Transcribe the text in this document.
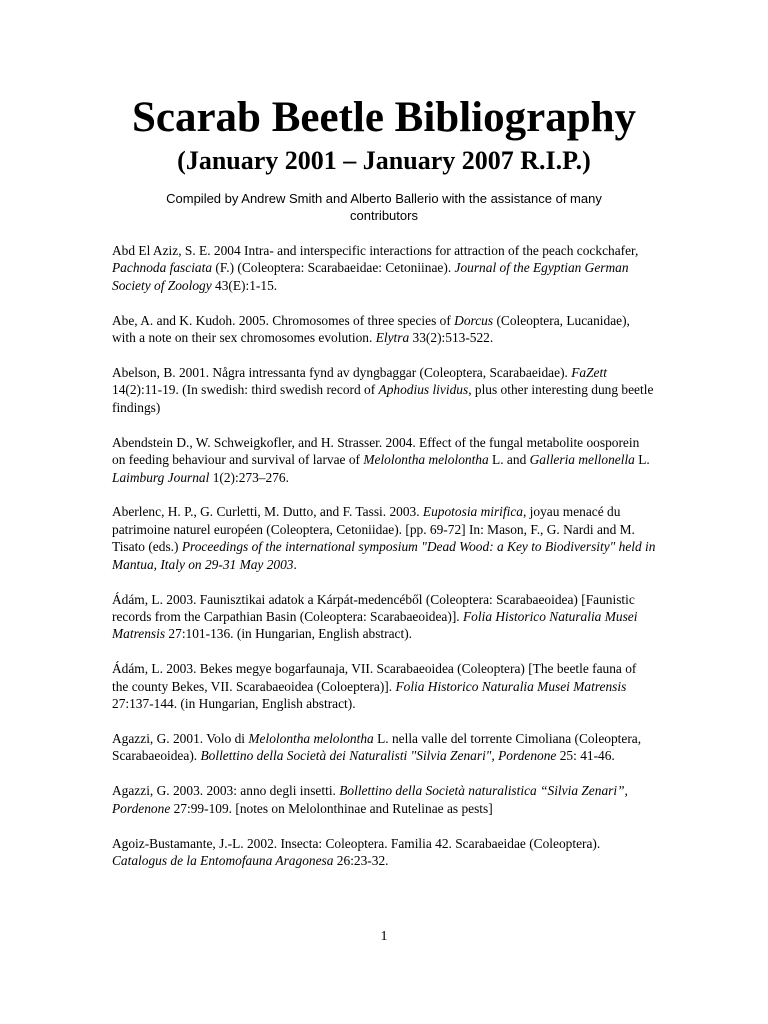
Scarab Beetle Bibliography
(January 2001 – January 2007 R.I.P.)

Compiled by Andrew Smith and Alberto Ballerio with the assistance of many contributors

Abd El Aziz, S. E. 2004 Intra- and interspecific interactions for attraction of the peach cockchafer, Pachnoda fasciata (F.) (Coleoptera: Scarabaeidae: Cetoniinae). Journal of the Egyptian German Society of Zoology 43(E):1-15.

Abe, A. and K. Kudoh. 2005. Chromosomes of three species of Dorcus (Coleoptera, Lucanidae), with a note on their sex chromosomes evolution. Elytra 33(2):513-522.

Abelson, B. 2001. Några intressanta fynd av dyngbaggar (Coleoptera, Scarabaeidae). FaZett 14(2):11-19. (In swedish: third swedish record of Aphodius lividus, plus other interesting dung beetle findings)

Abendstein D., W. Schweigkofler, and H. Strasser. 2004. Effect of the fungal metabolite oosporein on feeding behaviour and survival of larvae of Melolontha melolontha L. and Galleria mellonella L. Laimburg Journal 1(2):273–276.

Aberlenc, H. P., G. Curletti, M. Dutto, and F. Tassi. 2003. Eupotosia mirifica, joyau menacé du patrimoine naturel européen (Coleoptera, Cetoniidae). [pp. 69-72] In: Mason, F., G. Nardi and M. Tisato (eds.) Proceedings of the international symposium "Dead Wood: a Key to Biodiversity" held in Mantua, Italy on 29-31 May 2003.

Ádám, L. 2003. Faunisztikai adatok a Kárpát-medencéből (Coleoptera: Scarabaeoidea) [Faunistic records from the Carpathian Basin (Coleoptera: Scarabaeoidea)]. Folia Historico Naturalia Musei Matrensis 27:101-136. (in Hungarian, English abstract).

Ádám, L. 2003. Bekes megye bogarfaunaja, VII. Scarabaeoidea (Coleoptera) [The beetle fauna of the county Bekes, VII. Scarabaeoidea (Coloeptera)]. Folia Historico Naturalia Musei Matrensis 27:137-144. (in Hungarian, English abstract).

Agazzi, G. 2001. Volo di Melolontha melolontha L. nella valle del torrente Cimoliana (Coleoptera, Scarabaeoidea). Bollettino della Società dei Naturalisti "Silvia Zenari", Pordenone 25: 41-46.

Agazzi, G. 2003. 2003: anno degli insetti. Bollettino della Società naturalistica “Silvia Zenari”, Pordenone 27:99-109. [notes on Melolonthinae and Rutelinae as pests]

Agoiz-Bustamante, J.-L. 2002. Insecta: Coleoptera. Familia 42. Scarabaeidae (Coleoptera). Catalogus de la Entomofauna Aragonesa 26:23-32.

1
